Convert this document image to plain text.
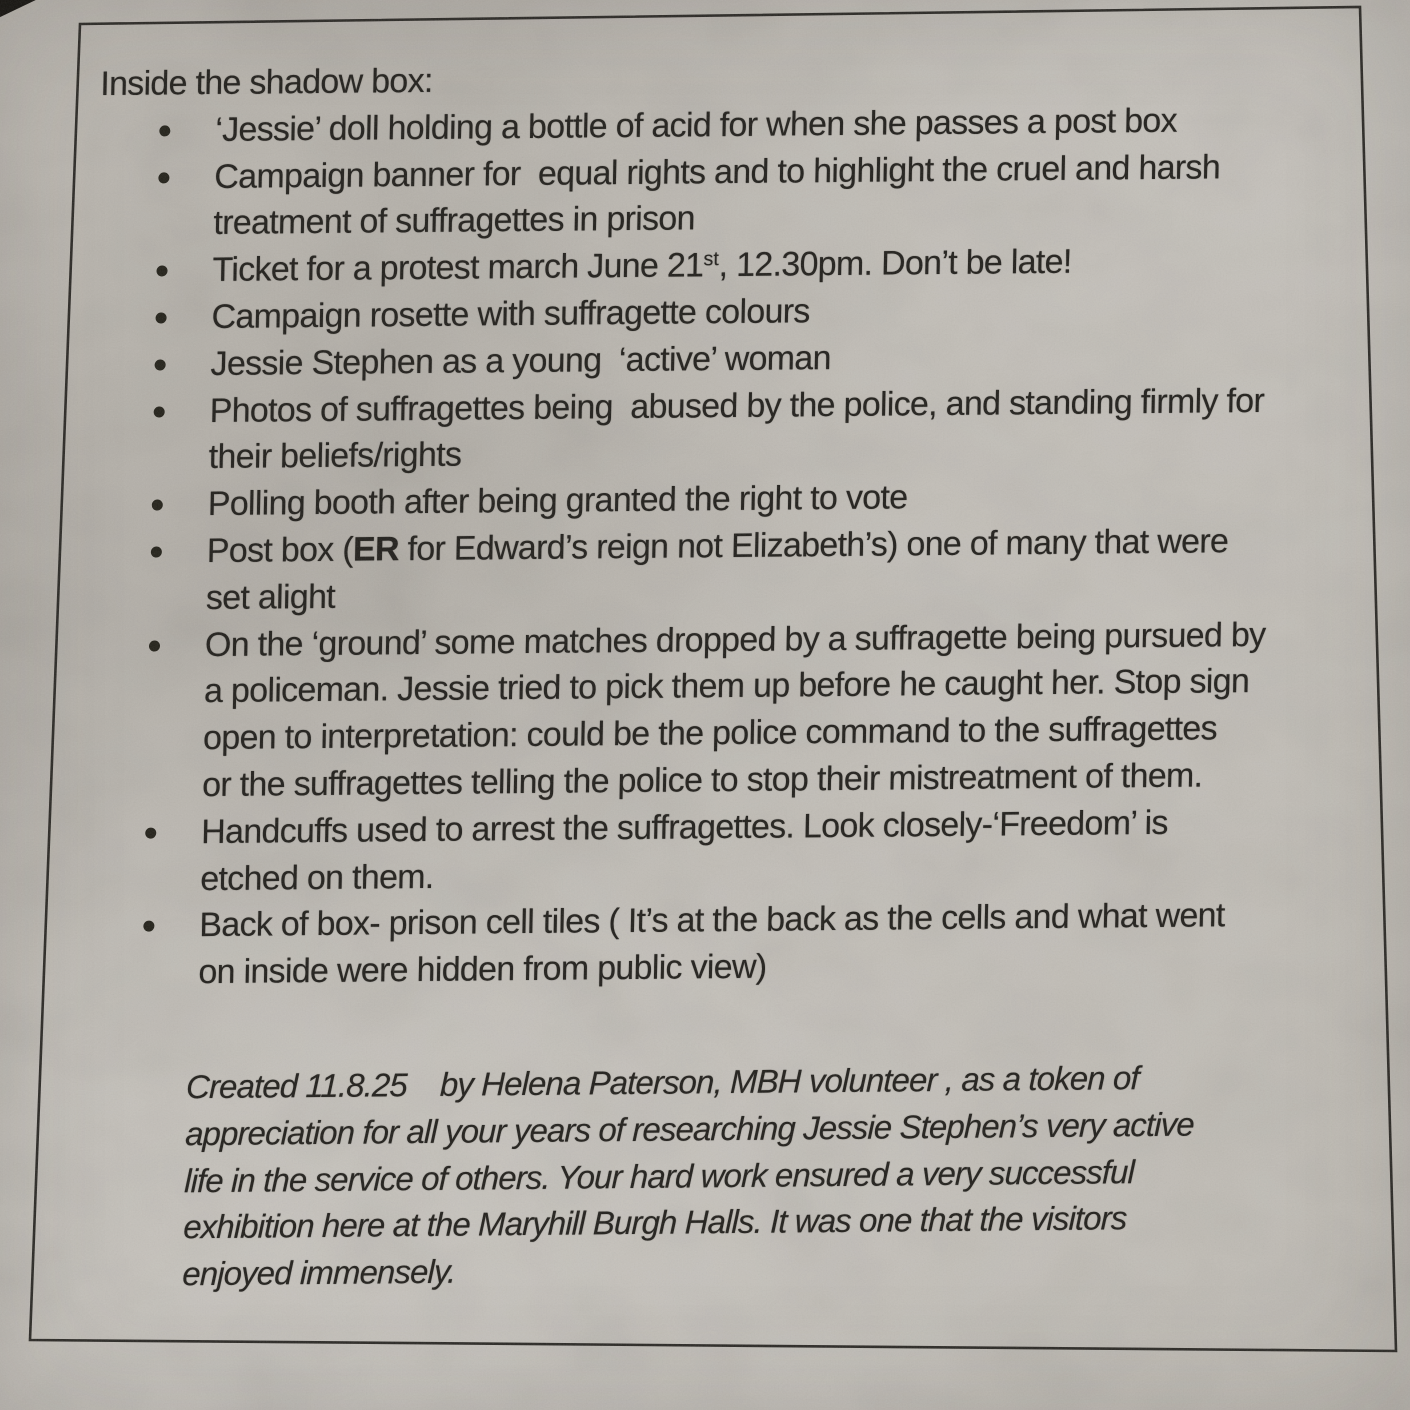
Inside the shadow box:
‘Jessie’ doll holding a bottle of acid for when she passes a post box
Campaign banner for  equal rights and to highlight the cruel and harsh
treatment of suffragettes in prison
Ticket for a protest march June 21st, 12.30pm. Don’t be late!
Campaign rosette with suffragette colours
Jessie Stephen as a young  ‘active’ woman
Photos of suffragettes being  abused by the police, and standing firmly for
their beliefs/rights
Polling booth after being granted the right to vote
Post box (ER for Edward’s reign not Elizabeth’s) one of many that were
set alight
On the ‘ground’ some matches dropped by a suffragette being pursued by
a policeman. Jessie tried to pick them up before he caught her. Stop sign
open to interpretation: could be the police command to the suffragettes
or the suffragettes telling the police to stop their mistreatment of them.
Handcuffs used to arrest the suffragettes. Look closely-‘Freedom’ is
etched on them.
Back of box- prison cell tiles ( It’s at the back as the cells and what went
on inside were hidden from public view)
Created 11.8.25    by Helena Paterson, MBH volunteer , as a token of
appreciation for all your years of researching Jessie Stephen’s very active
life in the service of others. Your hard work ensured a very successful
exhibition here at the Maryhill Burgh Halls. It was one that the visitors
enjoyed immensely.
